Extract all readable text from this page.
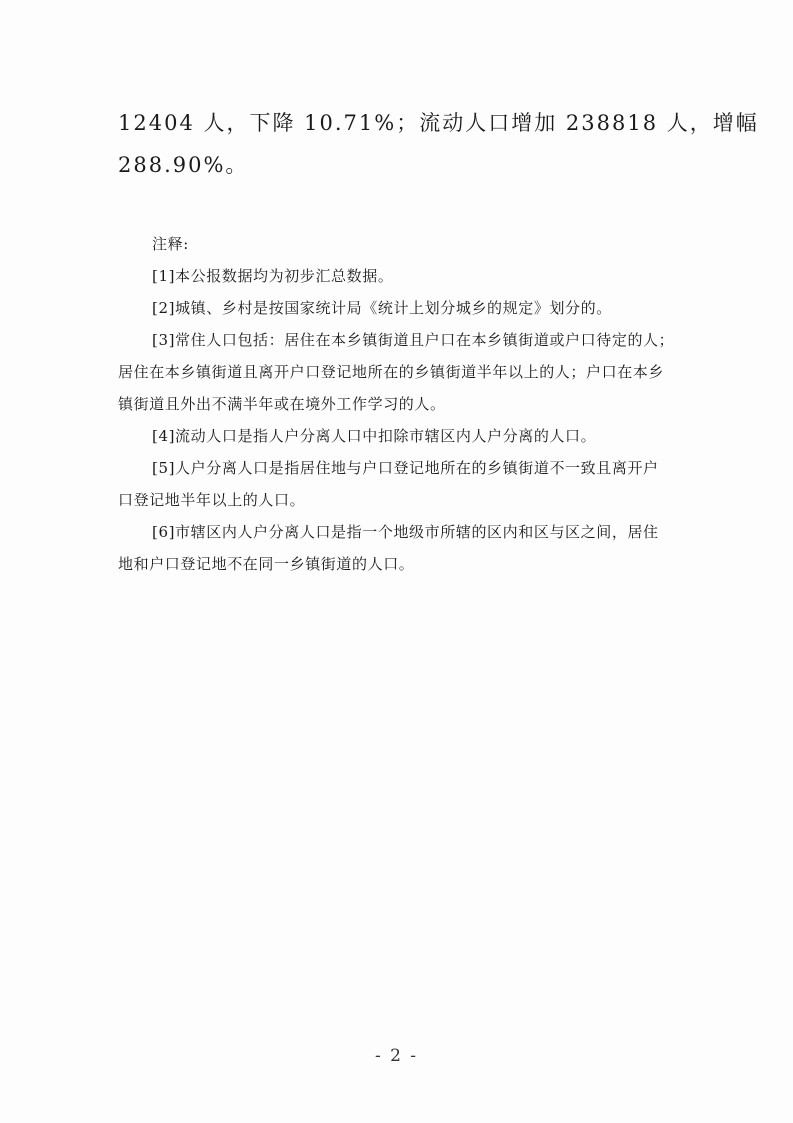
12404 人，下降 10.71%；流动人口增加 238818 人，增幅
288.90%。
注释:
[1]本公报数据均为初步汇总数据。
[2]城镇、乡村是按国家统计局《统计上划分城乡的规定》划分的。
[3]常住人口包括：居住在本乡镇街道且户口在本乡镇街道或户口待定的人；
居住在本乡镇街道且离开户口登记地所在的乡镇街道半年以上的人；户口在本乡
镇街道且外出不满半年或在境外工作学习的人。
[4]流动人口是指人户分离人口中扣除市辖区内人户分离的人口。
[5]人户分离人口是指居住地与户口登记地所在的乡镇街道不一致且离开户
口登记地半年以上的人口。
[6]市辖区内人户分离人口是指一个地级市所辖的区内和区与区之间，居住
地和户口登记地不在同一乡镇街道的人口。
- 2 -
